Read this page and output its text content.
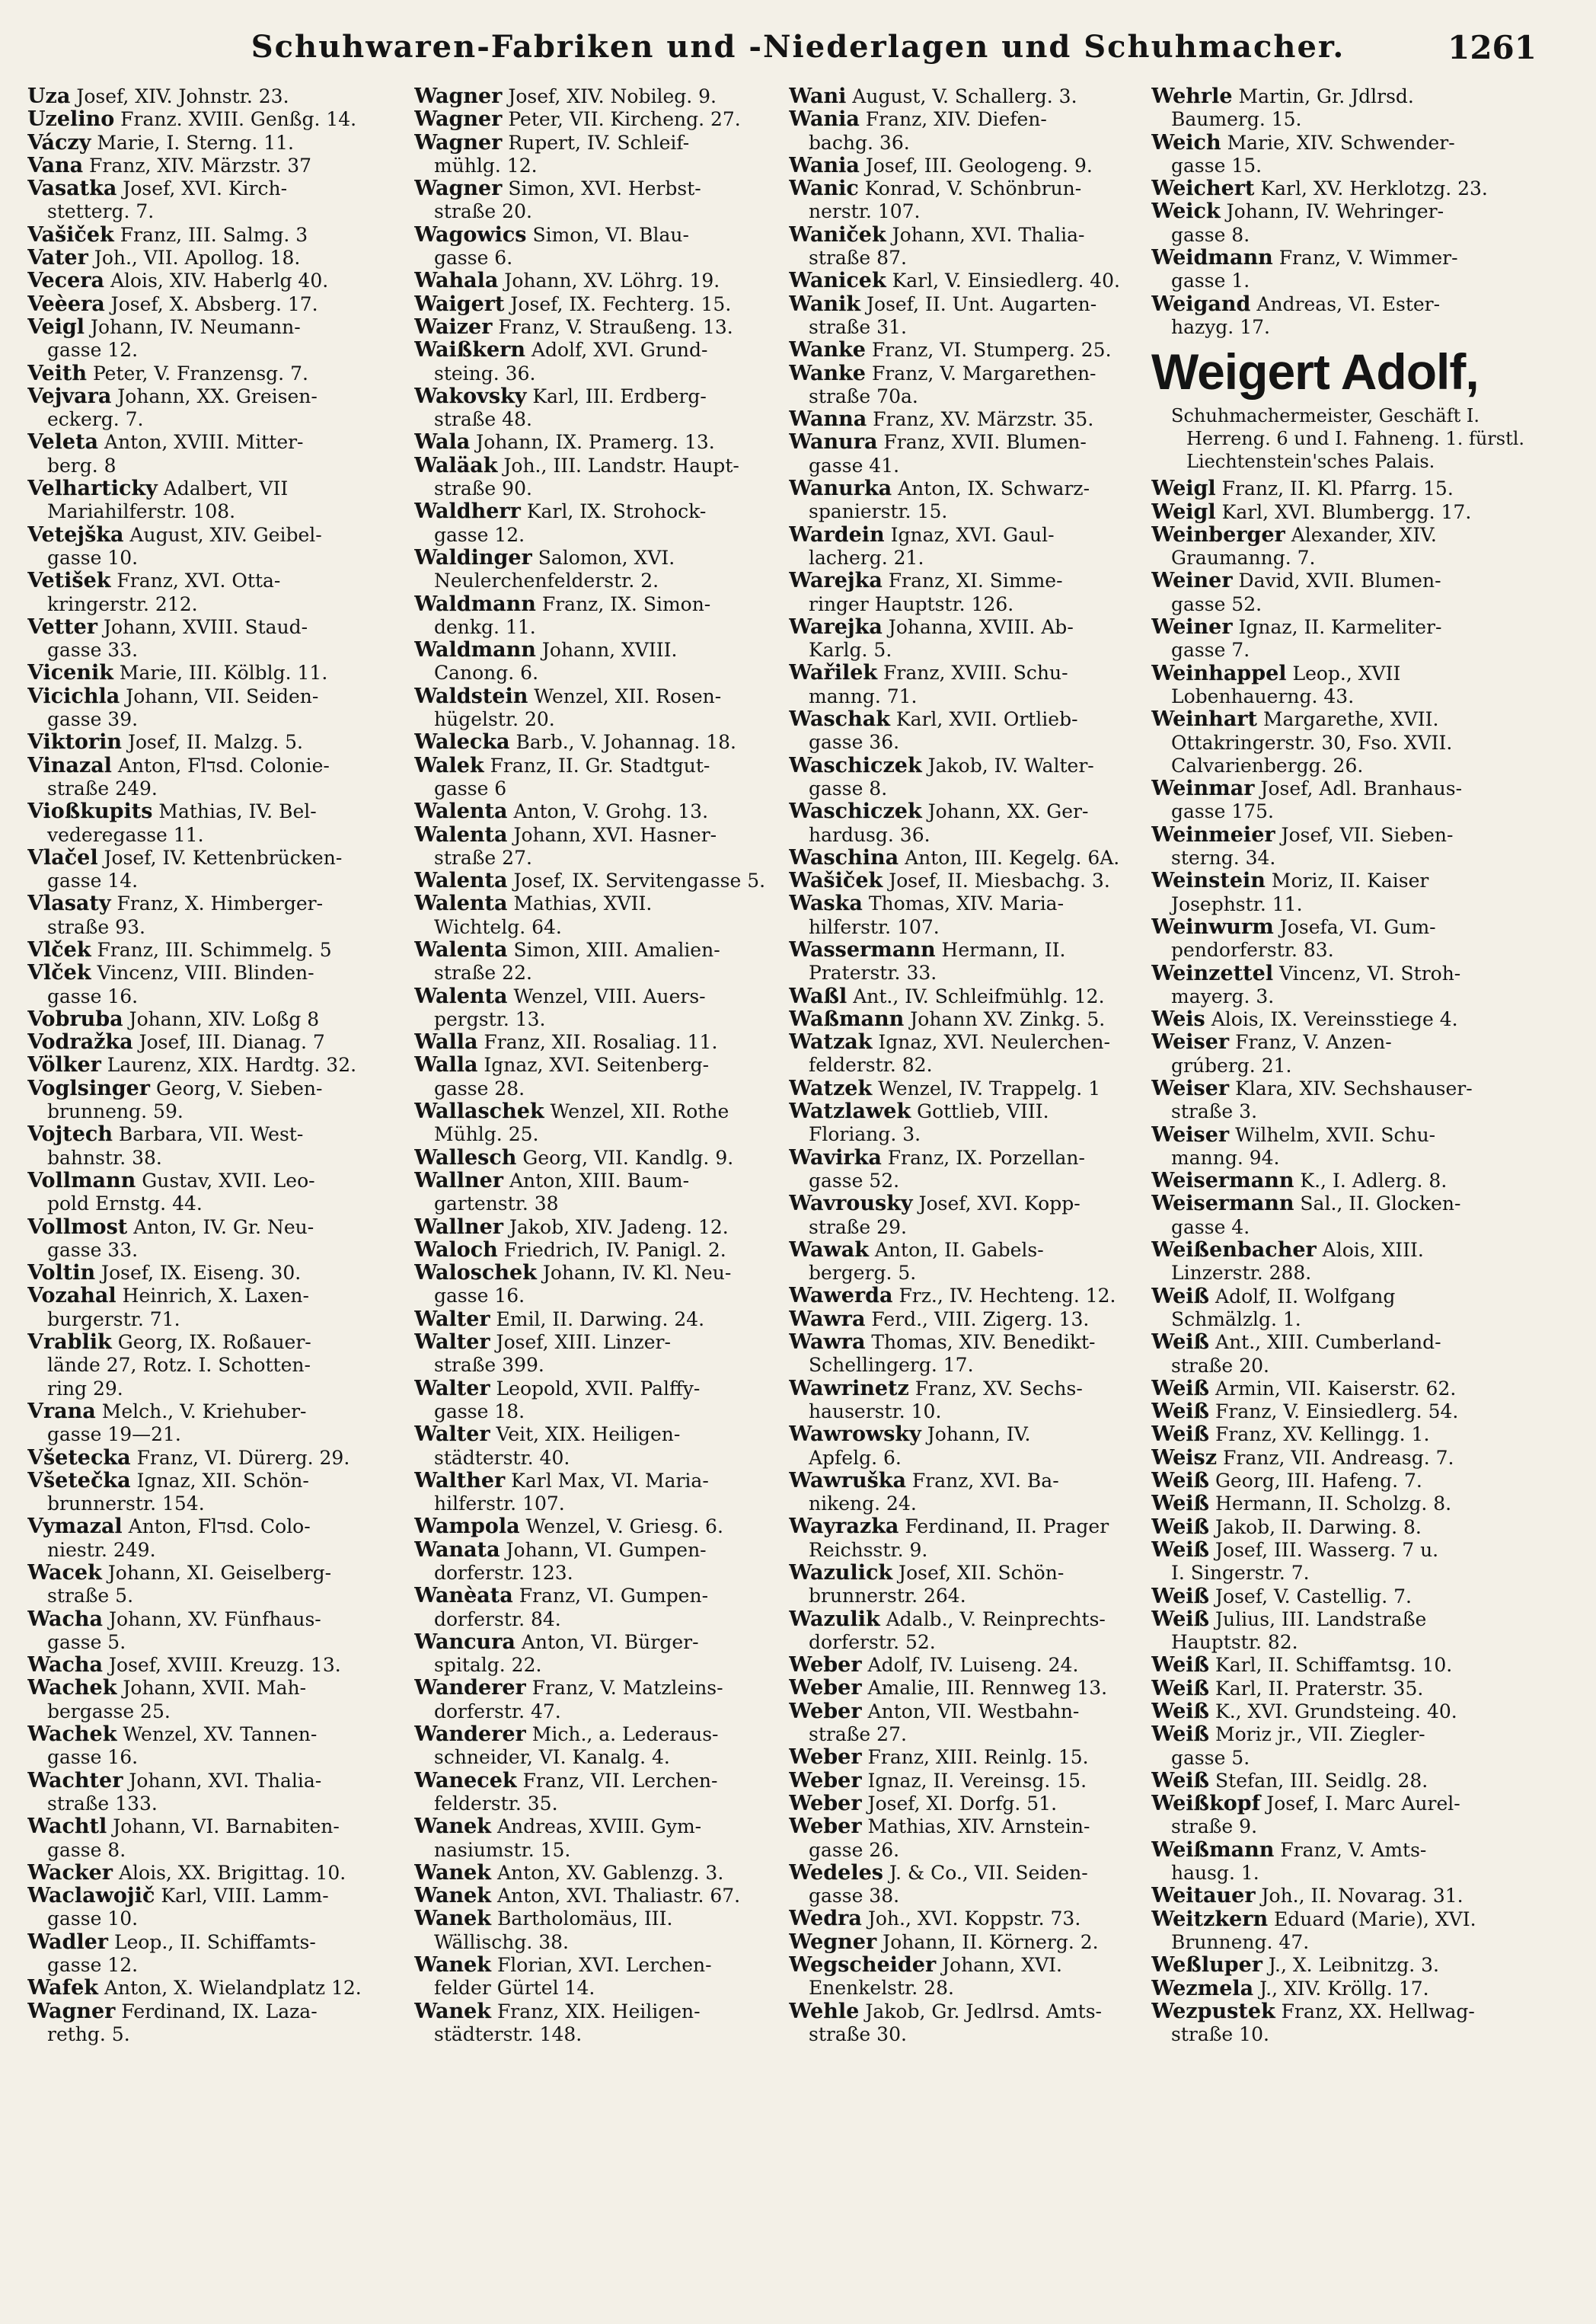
Schuhwaren-Fabriken und -Niederlagen und Schuhmacher.	1261

Uza Josef, XIV. Johnstr. 23.

Uzelino Franz. XVIII. Genßg. 14.

Váczy Marie, I. Sterng. 11.

Vana Franz, XIV. Märzstr. 37

Vasatka Josef, XVI. Kirch-
stetterg. 7.

Vašiček Franz, III. Salmg. 3

Vater Joh., VII. Apollog. 18.

Vecera Alois, XIV. Haberlg 40.

Veèera Josef, X. Absberg. 17.

Veigl Johann, IV. Neumann-
gasse 12.

Veith Peter, V. Franzensg. 7.

Vejvara Johann, XX. Greisen-
eckerg. 7.

Veleta Anton, XVIII. Mitter-
berg. 8

Velharticky Adalbert, VII
Mariahilferstr. 108.

Vetejška August, XIV. Geibel-
gasse 10.

Vetišek Franz, XVI. Otta-
kringerstr. 212.

Vetter Johann, XVIII. Staud-
gasse 33.

Vicenik Marie, III. Kölblg. 11.

Vicichla Johann, VII. Seiden-
gasse 39.

Viktorin Josef, II. Malzg. 5.

Vinazal Anton, Flדsd. Colonie-
straße 249.

Vioßkupits Mathias, IV. Bel-
vederegasse 11.

Vlačel Josef, IV. Kettenbrücken-
gasse 14.

Vlasaty Franz, X. Himberger-
straße 93.

Vlček Franz, III. Schimmelg. 5

Vlček Vincenz, VIII. Blinden-
gasse 16.

Vobruba Johann, XIV. Loßg 8

Vodražka Josef, III. Dianag. 7

Völker Laurenz, XIX. Hardtg. 32.

Voglsinger Georg, V. Sieben-
brunneng. 59.

Vojtech Barbara, VII. West-
bahnstr. 38.

Vollmann Gustav, XVII. Leo-
pold Ernstg. 44.

Vollmost Anton, IV. Gr. Neu-
gasse 33.

Voltin Josef, IX. Eiseng. 30.

Vozahal Heinrich, X. Laxen-
burgerstr. 71.

Vrablik Georg, IX. Roßauer-
lände 27, Rotz. I. Schotten-
ring 29.

Vrana Melch., V. Kriehuber-
gasse 19—21.

Všetecka Franz, VI. Dürerg. 29.

Všetečka Ignaz, XII. Schön-
brunnerstr. 154.

Vymazal Anton, Flדsd. Colo-
niestr. 249.

Wacek Johann, XI. Geiselberg-
straße 5.

Wacha Johann, XV. Fünfhaus-
gasse 5.

Wacha Josef, XVIII. Kreuzg. 13.

Wachek Johann, XVII. Mah-
bergasse 25.

Wachek Wenzel, XV. Tannen-
gasse 16.

Wachter Johann, XVI. Thalia-
straße 133.

Wachtl Johann, VI. Barnabiten-
gasse 8.

Wacker Alois, XX. Brigittag. 10.

Waclawojič Karl, VIII. Lamm-
gasse 10.

Wadler Leop., II. Schiffamts-
gasse 12.

Wafek Anton, X. Wielandplatz 12.

Wagner Ferdinand, IX. Laza-
rethg. 5.

Wagner Josef, XIV. Nobileg. 9.

Wagner Peter, VII. Kircheng. 27.

Wagner Rupert, IV. Schleif-
mühlg. 12.

Wagner Simon, XVI. Herbst-
straße 20.

Wagowics Simon, VI. Blau-
gasse 6.

Wahala Johann, XV. Löhrg. 19.

Waigert Josef, IX. Fechterg. 15.

Waizer Franz, V. Straußeng. 13.

Waißkern Adolf, XVI. Grund-
steing. 36.

Wakovsky Karl, III. Erdberg-
straße 48.

Wala Johann, IX. Pramerg. 13.

Waläak Joh., III. Landstr. Haupt-
straße 90.

Waldherr Karl, IX. Strohock-
gasse 12.

Waldinger Salomon, XVI.
Neulerchenfelderstr. 2.

Waldmann Franz, IX. Simon-
denkg. 11.

Waldmann Johann, XVIII.
Canong. 6.

Waldstein Wenzel, XII. Rosen-
hügelstr. 20.

Walecka Barb., V. Johannag. 18.

Walek Franz, II. Gr. Stadtgut-
gasse 6

Walenta Anton, V. Grohg. 13.

Walenta Johann, XVI. Hasner-
straße 27.

Walenta Josef, IX. Servitengasse 5.

Walenta Mathias, XVII.
Wichtelg. 64.

Walenta Simon, XIII. Amalien-
straße 22.

Walenta Wenzel, VIII. Auers-
pergstr. 13.

Walla Franz, XII. Rosaliag. 11.

Walla Ignaz, XVI. Seitenberg-
gasse 28.

Wallaschek Wenzel, XII. Rothe
Mühlg. 25.

Wallesch Georg, VII. Kandlg. 9.

Wallner Anton, XIII. Baum-
gartenstr. 38

Wallner Jakob, XIV. Jadeng. 12.

Waloch Friedrich, IV. Panigl. 2.

Waloschek Johann, IV. Kl. Neu-
gasse 16.

Walter Emil, II. Darwing. 24.

Walter Josef, XIII. Linzer-
straße 399.

Walter Leopold, XVII. Palffy-
gasse 18.

Walter Veit, XIX. Heiligen-
städterstr. 40.

Walther Karl Max, VI. Maria-
hilferstr. 107.

Wampola Wenzel, V. Griesg. 6.

Wanata Johann, VI. Gumpen-
dorferstr. 123.

Wanèata Franz, VI. Gumpen-
dorferstr. 84.

Wancura Anton, VI. Bürger-
spitalg. 22.

Wanderer Franz, V. Matzleins-
dorferstr. 47.

Wanderer Mich., a. Lederaus-
schneider, VI. Kanalg. 4.

Wanecek Franz, VII. Lerchen-
felderstr. 35.

Wanek Andreas, XVIII. Gym-
nasiumstr. 15.

Wanek Anton, XV. Gablenzg. 3.

Wanek Anton, XVI. Thaliastr. 67.

Wanek Bartholomäus, III.
Wällischg. 38.

Wanek Florian, XVI. Lerchen-
felder Gürtel 14.

Wanek Franz, XIX. Heiligen-
städterstr. 148.

Wani August, V. Schallerg. 3.

Wania Franz, XIV. Diefen-
bachg. 36.

Wania Josef, III. Geologeng. 9.

Wanic Konrad, V. Schönbrun-
nerstr. 107.

Waniček Johann, XVI. Thalia-
straße 87.

Wanicek Karl, V. Einsiedlerg. 40.

Wanik Josef, II. Unt. Augarten-
straße 31.

Wanke Franz, VI. Stumperg. 25.

Wanke Franz, V. Margarethen-
straße 70a.

Wanna Franz, XV. Märzstr. 35.

Wanura Franz, XVII. Blumen-
gasse 41.

Wanurka Anton, IX. Schwarz-
spanierstr. 15.

Wardein Ignaz, XVI. Gaul-
lacherg. 21.

Warejka Franz, XI. Simme-
ringer Hauptstr. 126.

Warejka Johanna, XVIII. Ab-
Karlg. 5.

Wařilek Franz, XVIII. Schu-
manng. 71.

Waschak Karl, XVII. Ortlieb-
gasse 36.

Waschiczek Jakob, IV. Walter-
gasse 8.

Waschiczek Johann, XX. Ger-
hardusg. 36.

Waschina Anton, III. Kegelg. 6A.

Wašiček Josef, II. Miesbachg. 3.

Waska Thomas, XIV. Maria-
hilferstr. 107.

Wassermann Hermann, II.
Praterstr. 33.

Waßl Ant., IV. Schleifmühlg. 12.

Waßmann Johann XV. Zinkg. 5.

Watzak Ignaz, XVI. Neulerchen-
felderstr. 82.

Watzek Wenzel, IV. Trappelg. 1

Watzlawek Gottlieb, VIII.
Floriang. 3.

Wavirka Franz, IX. Porzellan-
gasse 52.

Wavrousky Josef, XVI. Kopp-
straße 29.

Wawak Anton, II. Gabels-
bergerg. 5.

Wawerda Frz., IV. Hechteng. 12.

Wawra Ferd., VIII. Zigerg. 13.

Wawra Thomas, XIV. Benedikt-
Schellingerg. 17.

Wawrinetz Franz, XV. Sechs-
hauserstr. 10.

Wawrowsky Johann, IV.
Apfelg. 6.

Wawruška Franz, XVI. Ba-
nikeng. 24.

Wayrazka Ferdinand, II. Prager
Reichsstr. 9.

Wazulick Josef, XII. Schön-
brunnerstr. 264.

Wazulik Adalb., V. Reinprechts-
dorferstr. 52.

Weber Adolf, IV. Luiseng. 24.

Weber Amalie, III. Rennweg 13.

Weber Anton, VII. Westbahn-
straße 27.

Weber Franz, XIII. Reinlg. 15.

Weber Ignaz, II. Vereinsg. 15.

Weber Josef, XI. Dorfg. 51.

Weber Mathias, XIV. Arnstein-
gasse 26.

Wedeles J. & Co., VII. Seiden-
gasse 38.

Wedra Joh., XVI. Koppstr. 73.

Wegner Johann, II. Körnerg. 2.

Wegscheider Johann, XVI.
Enenkelstr. 28.

Wehle Jakob, Gr. Jedlrsd. Amts-
straße 30.

Wehrle Martin, Gr. Jdlrsd.
Baumerg. 15.

Weich Marie, XIV. Schwender-
gasse 15.

Weichert Karl, XV. Herklotzg. 23.

Weick Johann, IV. Wehringer-
gasse 8.

Weidmann Franz, V. Wimmer-
gasse 1.

Weigand Andreas, VI. Ester-
hazyg. 17.

Weigert Adolf,

Schuhmachermeister, Geschäft I. Herreng. 6 und I. Fahneng. 1. fürstl. Liechtenstein'sches Palais.

Weigl Franz, II. Kl. Pfarrg. 15.

Weigl Karl, XVI. Blumbergg. 17.

Weinberger Alexander, XIV.
Graumanng. 7.

Weiner David, XVII. Blumen-
gasse 52.

Weiner Ignaz, II. Karmeliter-
gasse 7.

Weinhappel Leop., XVII
Lobenhauerng. 43.

Weinhart Margarethe, XVII.
Ottakringerstr. 30, Fso. XVII.
Calvarienbergg. 26.

Weinmar Josef, Adl. Branhaus-
gasse 175.

Weinmeier Josef, VII. Sieben-
sterng. 34.

Weinstein Moriz, II. Kaiser
Josephstr. 11.

Weinwurm Josefa, VI. Gum-
pendorferstr. 83.

Weinzettel Vincenz, VI. Stroh-
mayerg. 3.

Weis Alois, IX. Vereinsstiege 4.

Weiser Franz, V. Anzen-
grúberg. 21.

Weiser Klara, XIV. Sechshauser-
straße 3.

Weiser Wilhelm, XVII. Schu-
manng. 94.

Weisermann K., I. Adlerg. 8.

Weisermann Sal., II. Glocken-
gasse 4.

Weißenbacher Alois, XIII.
Linzerstr. 288.

Weiß Adolf, II. Wolfgang
Schmälzlg. 1.

Weiß Ant., XIII. Cumberland-
straße 20.

Weiß Armin, VII. Kaiserstr. 62.

Weiß Franz, V. Einsiedlerg. 54.

Weiß Franz, XV. Kellingg. 1.

Weisz Franz, VII. Andreasg. 7.

Weiß Georg, III. Hafeng. 7.

Weiß Hermann, II. Scholzg. 8.

Weiß Jakob, II. Darwing. 8.

Weiß Josef, III. Wasserg. 7 u.
I. Singerstr. 7.

Weiß Josef, V. Castellig. 7.

Weiß Julius, III. Landstraße
Hauptstr. 82.

Weiß Karl, II. Schiffamtsg. 10.

Weiß Karl, II. Praterstr. 35.

Weiß K., XVI. Grundsteing. 40.

Weiß Moriz jr., VII. Ziegler-
gasse 5.

Weiß Stefan, III. Seidlg. 28.

Weißkopf Josef, I. Marc Aurel-
straße 9.

Weißmann Franz, V. Amts-
hausg. 1.

Weitauer Joh., II. Novarag. 31.

Weitzkern Eduard (Marie), XVI.
Brunneng. 47.

Weßluper J., X. Leibnitzg. 3.

Wezmela J., XIV. Kröllg. 17.

Wezpustek Franz, XX. Hellwag-
straße 10.
